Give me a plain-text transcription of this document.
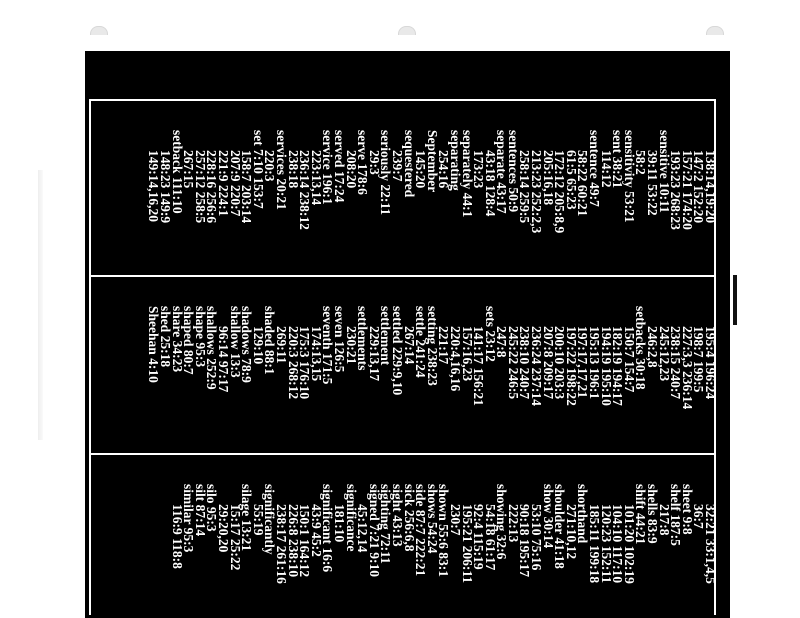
138:14,19:20
147:2 152:20
157:21 174:20
193:23 268:23
sensitive 10:11
39:11 53:22
58:2
sensitivity 53:21
sent 38:21
114:12
sentence 49:7
58:22 60:21
61:5 65:23
172:12 205:8,9
205:16,18
213:23 252:2,3
258:14 259:5
sentences 50:9
separate 43:17
43:18 128:4
173:23
separately 44:1
separating
254:16
September
145:20
sequestered
239:7
seriously 22:11
29:3
serve 178:6
208:20
served 17:24
service 196:1
223:13,14
236:14 238:12
238:18
services 20:21
220:3
set 7:10 153:7
158:7 203:14
207:9 220:7
221:9 224:1
228:16 256:6
257:12 258:5
267:15
setback 111:10
148:23 149:9
149:14,16,20
195:4 196:24
198:7 199:5
227:3,3 236:14
238:15 240:7
245:12,23
246:2,8
setbacks 30:18
150:7 154:7
182:19 194:17
194:19 195:10
195:13 196:1
197:17,17,21
197:22 198:22
200:10 203:3
207:8 209:17
236:24 237:14
238:10 240:7
245:22 246:5
247:8
sets 23:12
141:17 156:21
157:16,23
220:4,16,16
221:17
setting 238:23
settle 241:24
267:14
settled 229:9,10
settlement
229:13,17
settlements
230:21
seven 126:5
seventh 171:5
174:13,15
175:3 176:10
220:3 268:12
269:11
shaded 88:1
129:10
shadows 78:9
shallow 13:3
96:14 97:17
shallows 252:9
shape 95:3
shaped 80:7
share 34:23
shed 25:18
Sheehan 4:10
32:21 33:1,4,5
36:7
sheet 9:8
shelf 187:5
217:8
shells 83:9
shift 44:21
101:20 102:19
104:10 117:10
120:23 152:11
185:11 199:18
shorthand
271:10,12
shoulder 41:18
show 30:14
53:10 75:16
90:18 195:17
222:13
showing 32:6
54:18 61:17
92:4 115:19
195:21 206:11
230:7
shown 55:6 83:1
shows 54:24
side 87:7 222:21
sick 256:6,8
sight 43:13
sighting 72:11
signed 7:21 9:10
45:12,14
significance
181:10
significant 16:6
43:9 45:2
150:1 164:12
226:8 238:10
238:17 261:16
significantly
55:19
silage 13:21
15:17 25:22
29:20,20
silo 95:3
silt 87:14
similar 95:3
116:9 118:8
